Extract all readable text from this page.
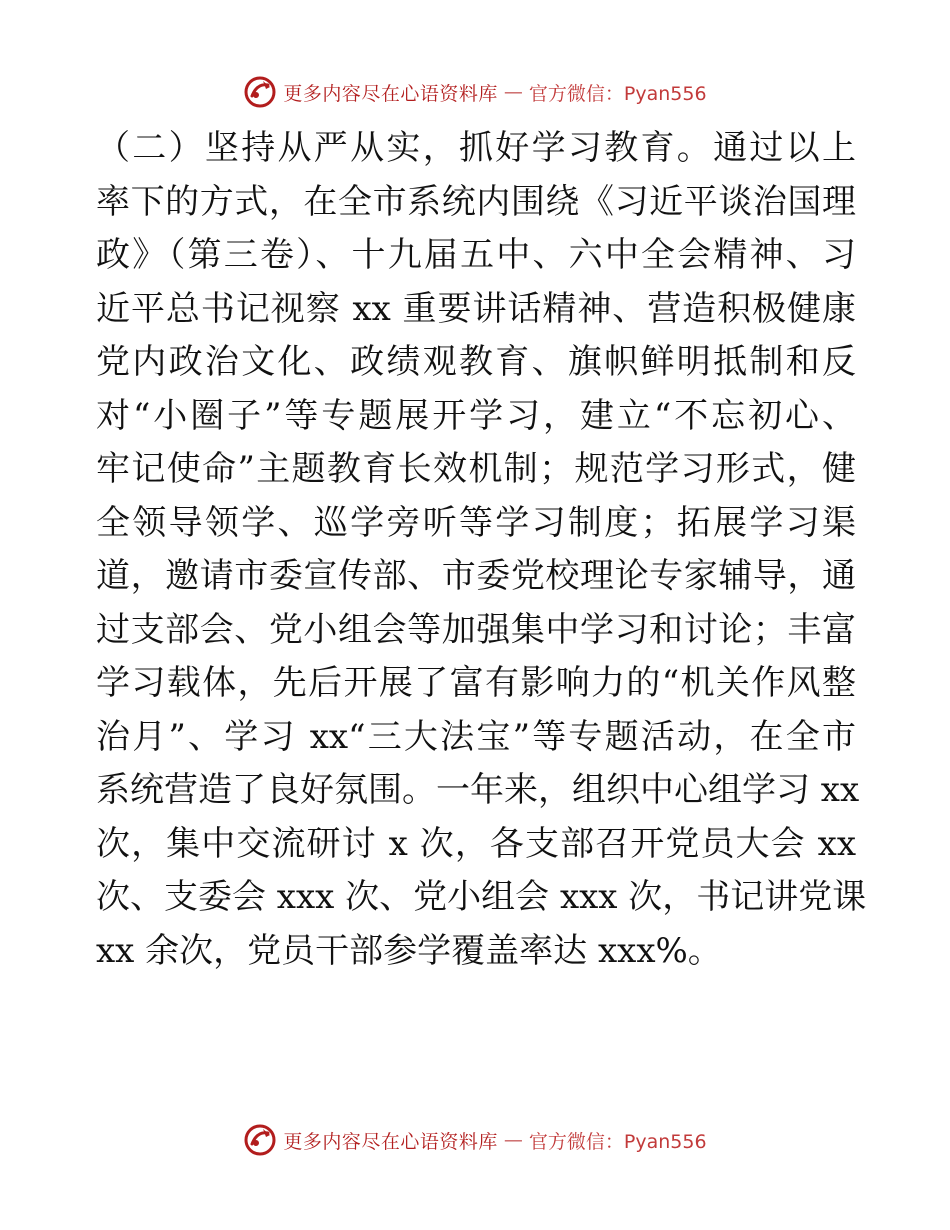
更多内容尽在心语资料库 — 官方微信：Pyan556
（二）坚持从严从实，抓好学习教育。通过以上
率下的方式，在全市系统内围绕《习近平谈治国理
政》（第三卷）、十九届五中、六中全会精神、习
近平总书记视察 xx 重要讲话精神、营造积极健康
党内政治文化、政绩观教育、旗帜鲜明抵制和反
对“小圈子”等专题展开学习，建立“不忘初心、
牢记使命”主题教育长效机制；规范学习形式，健
全领导领学、巡学旁听等学习制度；拓展学习渠
道，邀请市委宣传部、市委党校理论专家辅导，通
过支部会、党小组会等加强集中学习和讨论；丰富
学习载体，先后开展了富有影响力的“机关作风整
治月”、学习 xx“三大法宝”等专题活动，在全市
系统营造了良好氛围。一年来，组织中心组学习 xx
次，集中交流研讨 x 次，各支部召开党员大会 xx
次、支委会 xxx 次、党小组会 xxx 次，书记讲党课
xx 余次，党员干部参学覆盖率达 xxx%。
更多内容尽在心语资料库 — 官方微信：Pyan556
